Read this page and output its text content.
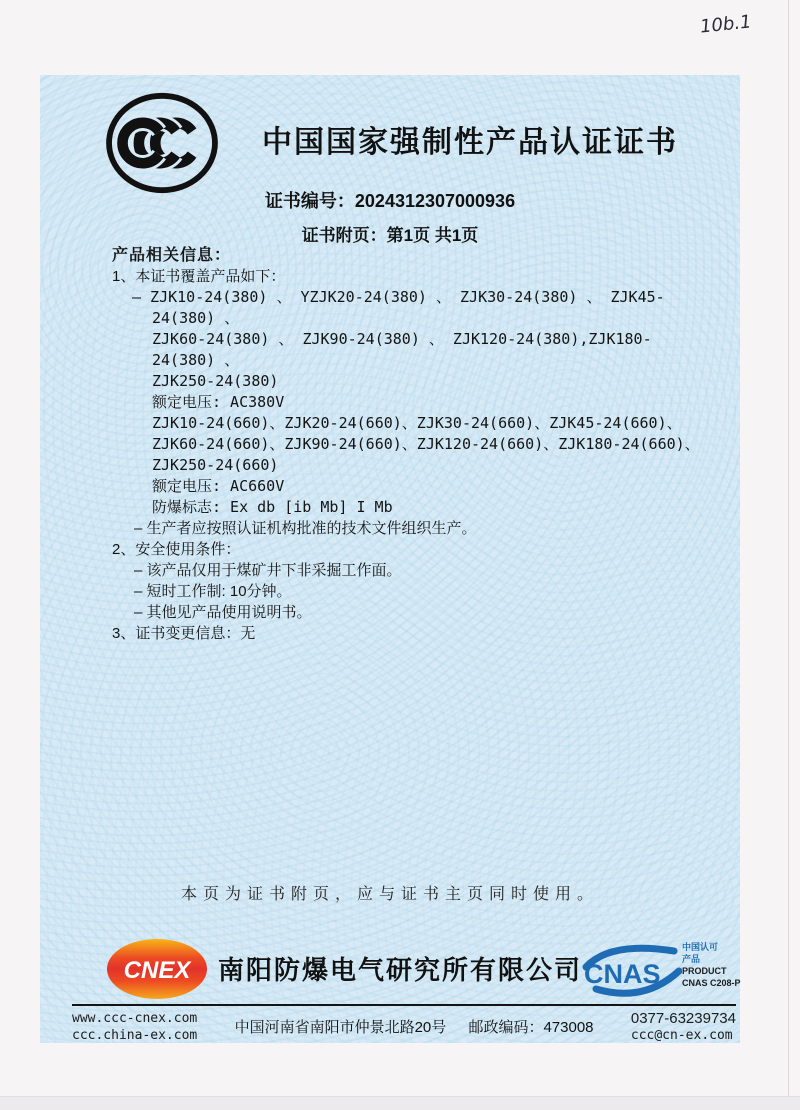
10b.1
中国国家强制性产品认证证书
证书编号：2024312307000936
证书附页：第1页 共1页
产品相关信息：
1、本证书覆盖产品如下：
– ZJK10-24(380) 、 YZJK20-24(380) 、 ZJK30-24(380) 、 ZJK45-24(380) 、
ZJK60-24(380) 、 ZJK90-24(380) 、 ZJK120-24(380),ZJK180-24(380) 、
ZJK250-24(380)
额定电压: AC380V
ZJK10-24(660)、ZJK20-24(660)、ZJK30-24(660)、ZJK45-24(660)、
ZJK60-24(660)、ZJK90-24(660)、ZJK120-24(660)、ZJK180-24(660)、
ZJK250-24(660)
额定电压: AC660V
防爆标志: Ex db [ib Mb] I Mb
– 生产者应按照认证机构批准的技术文件组织生产。
2、安全使用条件：
– 该产品仅用于煤矿井下非采掘工作面。
– 短时工作制: 10分钟。
– 其他见产品使用说明书。
3、证书变更信息：无
本页为证书附页，应与证书主页同时使用。
CNEX 南阳防爆电气研究所有限公司 CNAS
中国认可
产品
PRODUCT
CNAS C208-P
www.ccc-cnex.com
ccc.china-ex.com 中国河南省南阳市仲景北路20号 邮政编码：473008
0377-63239734
ccc@cn-ex.com
